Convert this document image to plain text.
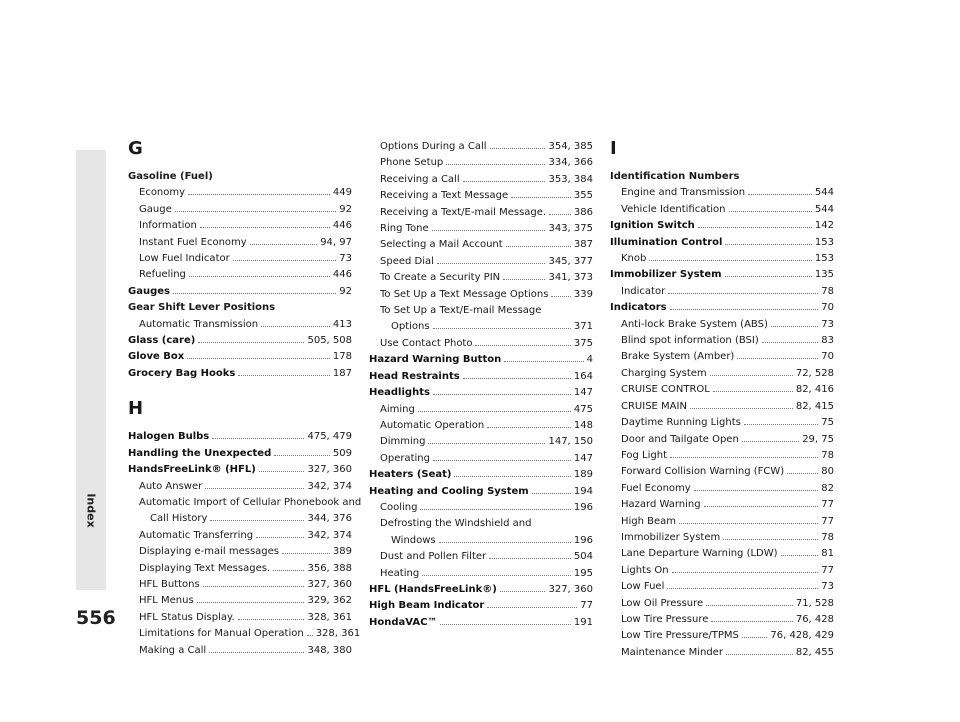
Index
556
G
Gasoline (Fuel)
Economy	449
Gauge	92
Information	446
Instant Fuel Economy	94, 97
Low Fuel Indicator	73
Refueling	446
Gauges	92
Gear Shift Lever Positions
Automatic Transmission	413
Glass (care)	505, 508
Glove Box	178
Grocery Bag Hooks	187
H
Halogen Bulbs	475, 479
Handling the Unexpected	509
HandsFreeLink® (HFL)	327, 360
Auto Answer	342, 374
Automatic Import of Cellular Phonebook and
Call History	344, 376
Automatic Transferring	342, 374
Displaying e-mail messages	389
Displaying Text Messages.	356, 388
HFL Buttons	327, 360
HFL Menus	329, 362
HFL Status Display.	328, 361
Limitations for Manual Operation 328, 361
Making a Call	348, 380
Options During a Call	354, 385
Phone Setup	334, 366
Receiving a Call	353, 384
Receiving a Text Message	355
Receiving a Text/E-mail Message.	386
Ring Tone	343, 375
Selecting a Mail Account	387
Speed Dial	345, 377
To Create a Security PIN	341, 373
To Set Up a Text Message Options	339
To Set Up a Text/E-mail Message
Options	371
Use Contact Photo	375
Hazard Warning Button	4
Head Restraints	164
Headlights	147
Aiming	475
Automatic Operation	148
Dimming	147, 150
Operating	147
Heaters (Seat)	189
Heating and Cooling System	194
Cooling	196
Defrosting the Windshield and
Windows	196
Dust and Pollen Filter	504
Heating	195
HFL (HandsFreeLink®)	327, 360
High Beam Indicator	77
HondaVAC™	191
I
Identification Numbers
Engine and Transmission	544
Vehicle Identification	544
Ignition Switch	142
Illumination Control	153
Knob	153
Immobilizer System	135
Indicator	78
Indicators	70
Anti-lock Brake System (ABS)	73
Blind spot information (BSI)	83
Brake System (Amber)	70
Charging System	72, 528
CRUISE CONTROL	82, 416
CRUISE MAIN	82, 415
Daytime Running Lights	75
Door and Tailgate Open	29, 75
Fog Light	78
Forward Collision Warning (FCW)	80
Fuel Economy	82
Hazard Warning	77
High Beam	77
Immobilizer System	78
Lane Departure Warning (LDW)	81
Lights On	77
Low Fuel	73
Low Oil Pressure	71, 528
Low Tire Pressure	76, 428
Low Tire Pressure/TPMS	76, 428, 429
Maintenance Minder	82, 455
